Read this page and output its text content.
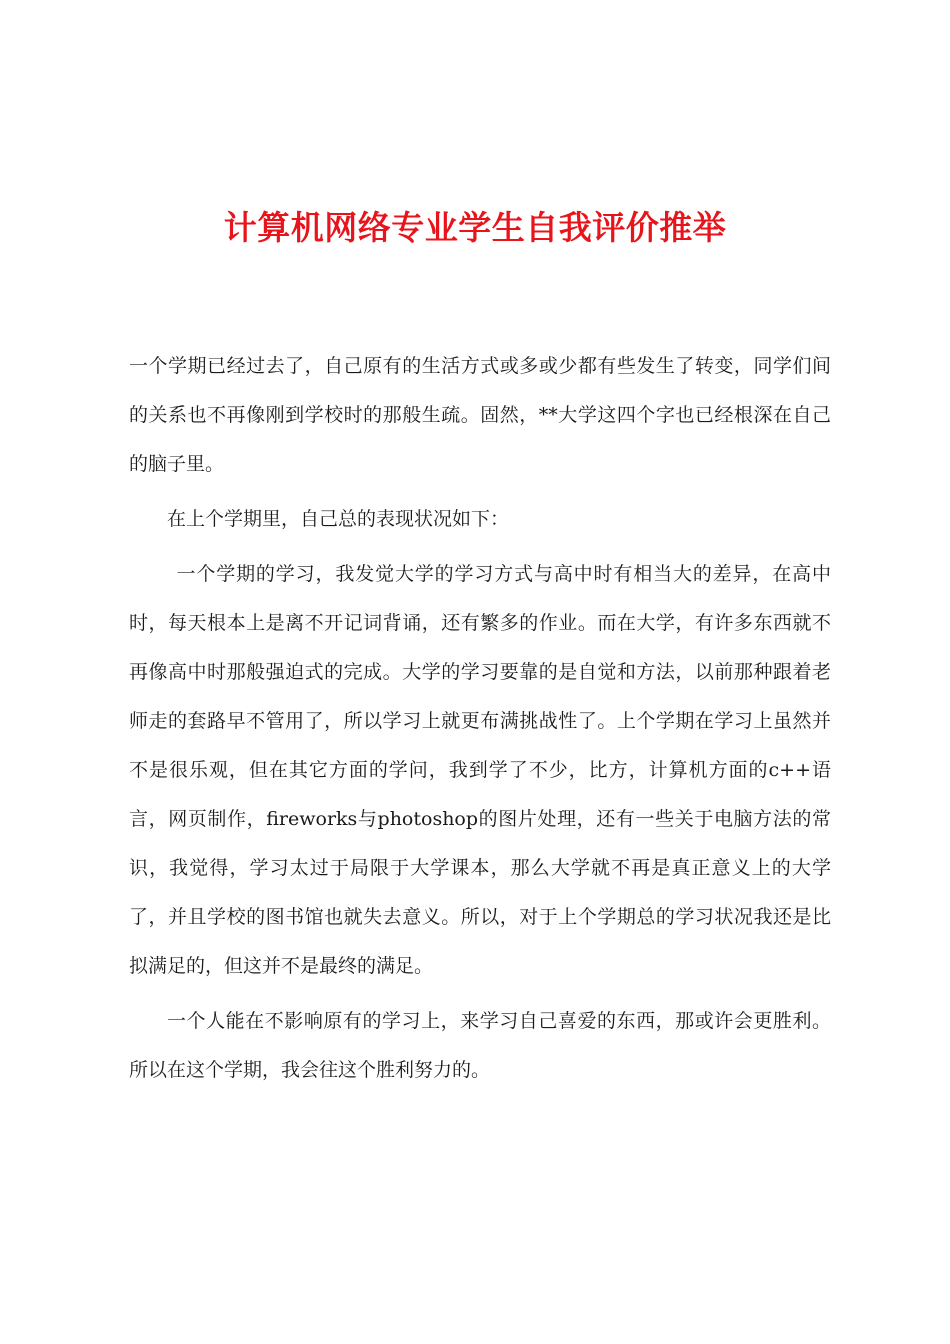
计算机网络专业学生自我评价推举

一个学期已经过去了，自己原有的生活方式或多或少都有些发生了转变，同学们间的关系也不再像刚到学校时的那般生疏。固然，**大学这四个字也已经根深在自己的脑子里。

在上个学期里，自己总的表现状况如下：

一个学期的学习，我发觉大学的学习方式与高中时有相当大的差异，在高中时，每天根本上是离不开记词背诵，还有繁多的作业。而在大学，有许多东西就不再像高中时那般强迫式的完成。大学的学习要靠的是自觉和方法，以前那种跟着老师走的套路早不管用了，所以学习上就更布满挑战性了。上个学期在学习上虽然并不是很乐观，但在其它方面的学问，我到学了不少，比方，计算机方面的c++语言，网页制作，fireworks与photoshop的图片处理，还有一些关于电脑方法的常识，我觉得，学习太过于局限于大学课本，那么大学就不再是真正意义上的大学了，并且学校的图书馆也就失去意义。所以，对于上个学期总的学习状况我还是比拟满足的，但这并不是最终的满足。

一个人能在不影响原有的学习上，来学习自己喜爱的东西，那或许会更胜利。所以在这个学期，我会往这个胜利努力的。
